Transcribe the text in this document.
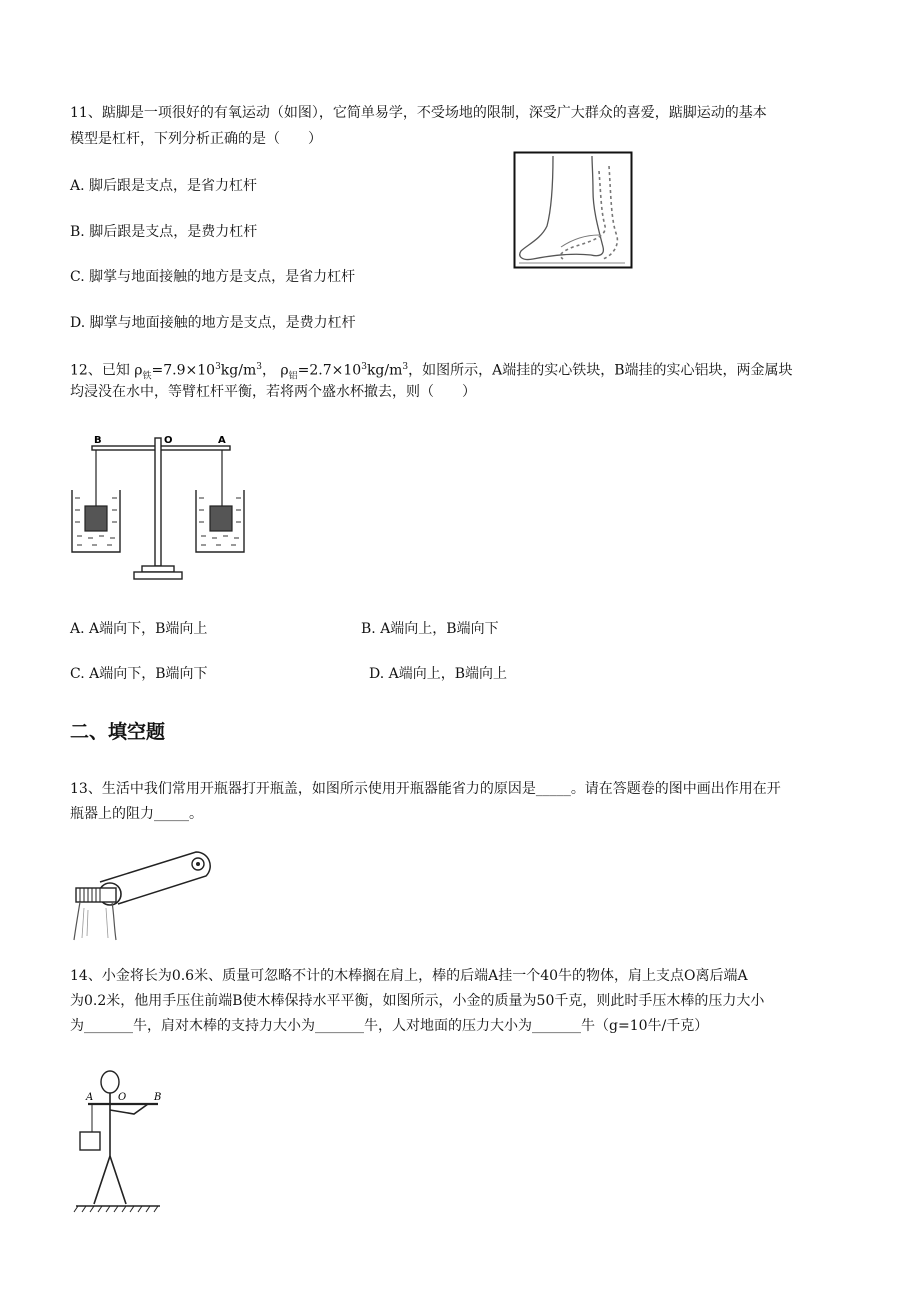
11、踮脚是一项很好的有氧运动（如图），它简单易学，不受场地的限制，深受广大群众的喜爱，踮脚运动的基本
模型是杠杆，下列分析正确的是（　　）
A. 脚后跟是支点，是省力杠杆
B. 脚后跟是支点，是费力杠杆
C. 脚掌与地面接触的地方是支点，是省力杠杆
D. 脚掌与地面接触的地方是支点，是费力杠杆
12、已知 $\rho_铁=7.9\times 10^3kg/m^3$， $\rho_铝=2.7\times 10^3kg/m^3$，如图所示，A端挂的实心铁块，B端挂的实心铝块，两金属块
均浸没在水中，等臂杠杆平衡，若将两个盛水杯撤去，则（　　）
B	O	A
A. A端向下，B端向上	B. A端向上，B端向下
C. A端向下，B端向下	D. A端向上，B端向上
二、填空题
13、生活中我们常用开瓶器打开瓶盖，如图所示使用开瓶器能省力的原因是_____。请在答题卷的图中画出作用在开
瓶器上的阻力_____。
14、小金将长为0.6米、质量可忽略不计的木棒搁在肩上，棒的后端A挂一个40牛的物体，肩上支点O离后端A
为0.2米，他用手压住前端B使木棒保持水平平衡，如图所示，小金的质量为50千克，则此时手压木棒的压力大小
为_______牛，肩对木棒的支持力大小为_______牛，人对地面的压力大小为_______牛（g=10牛/千克）
A O	B
